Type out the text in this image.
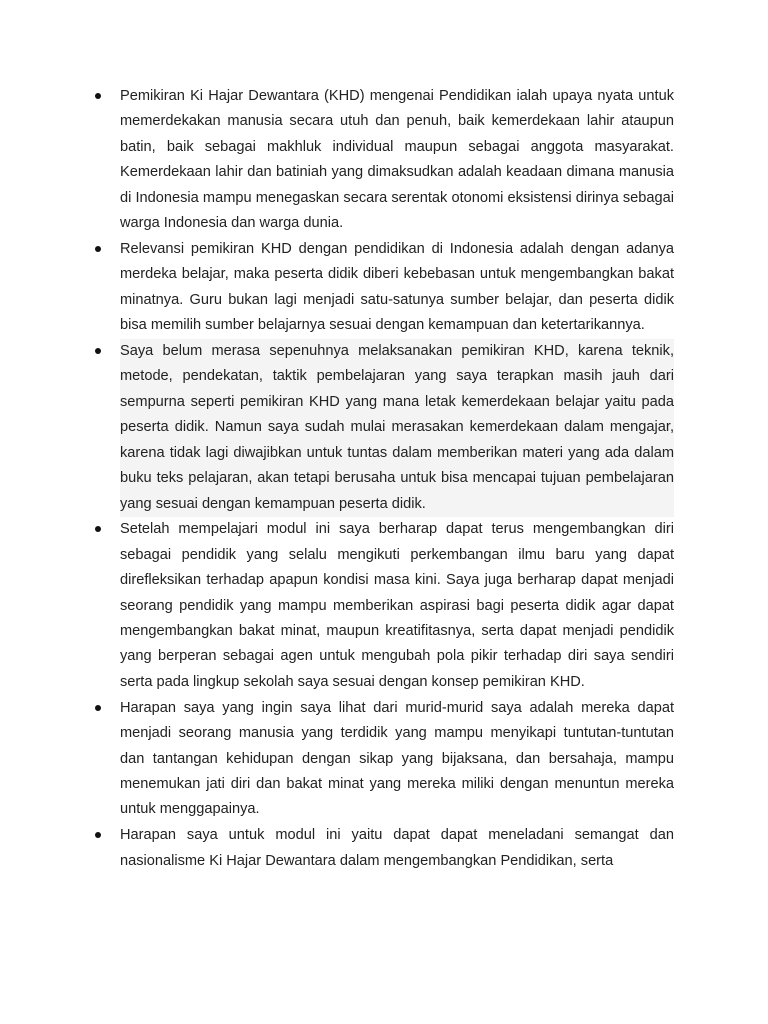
Pemikiran Ki Hajar Dewantara (KHD) mengenai Pendidikan ialah upaya nyata untuk memerdekakan manusia secara utuh dan penuh, baik kemerdekaan lahir ataupun batin, baik sebagai makhluk individual maupun sebagai anggota masyarakat. Kemerdekaan lahir dan batiniah yang dimaksudkan adalah keadaan dimana manusia di Indonesia mampu menegaskan secara serentak otonomi eksistensi dirinya sebagai warga Indonesia dan warga dunia.
Relevansi pemikiran KHD dengan pendidikan di Indonesia adalah dengan adanya merdeka belajar, maka peserta didik diberi kebebasan untuk mengembangkan bakat minatnya. Guru bukan lagi menjadi satu-satunya sumber belajar, dan peserta didik bisa memilih sumber belajarnya sesuai dengan kemampuan dan ketertarikannya.
Saya belum merasa sepenuhnya melaksanakan pemikiran KHD, karena teknik, metode, pendekatan, taktik pembelajaran yang saya terapkan masih jauh dari sempurna seperti pemikiran KHD yang mana letak kemerdekaan belajar yaitu pada peserta didik. Namun saya sudah mulai merasakan kemerdekaan dalam mengajar, karena tidak lagi diwajibkan untuk tuntas dalam memberikan materi yang ada dalam buku teks pelajaran, akan tetapi berusaha untuk bisa mencapai tujuan pembelajaran yang sesuai dengan kemampuan peserta didik.
Setelah mempelajari modul ini saya berharap dapat terus mengembangkan diri sebagai pendidik yang selalu mengikuti perkembangan ilmu baru yang dapat direfleksikan terhadap apapun kondisi masa kini. Saya juga berharap dapat menjadi seorang pendidik yang mampu memberikan aspirasi bagi peserta didik agar dapat mengembangkan bakat minat, maupun kreatifitasnya, serta dapat menjadi pendidik yang berperan sebagai agen untuk mengubah pola pikir terhadap diri saya sendiri serta pada lingkup sekolah saya sesuai dengan konsep pemikiran KHD.
Harapan saya yang ingin saya lihat dari murid-murid saya adalah mereka dapat menjadi seorang manusia yang terdidik yang mampu menyikapi tuntutan-tuntutan dan tantangan kehidupan dengan sikap yang bijaksana, dan bersahaja, mampu menemukan jati diri dan bakat minat yang mereka miliki dengan menuntun mereka untuk menggapainya.
Harapan saya untuk modul ini yaitu dapat dapat meneladani semangat dan nasionalisme Ki Hajar Dewantara dalam mengembangkan Pendidikan, serta
